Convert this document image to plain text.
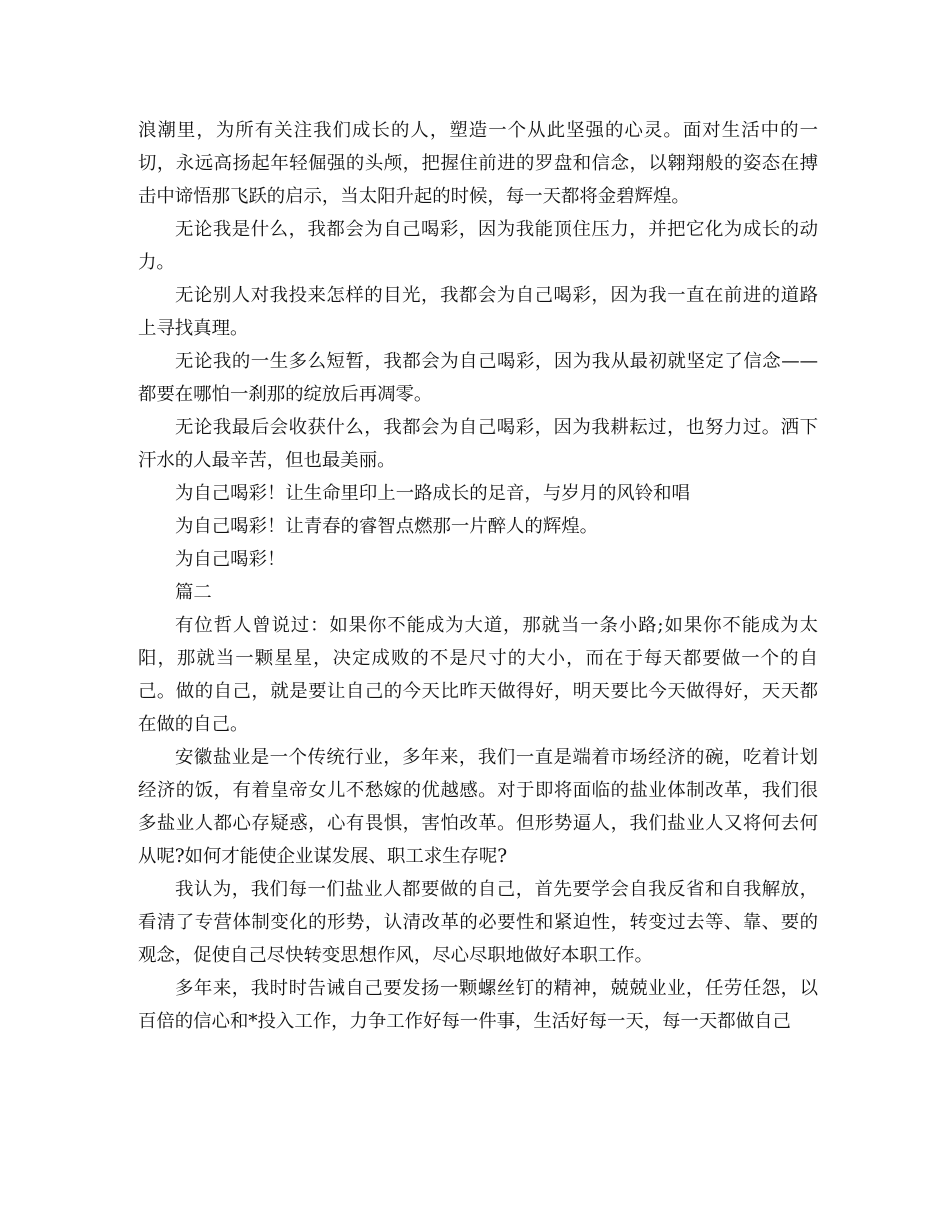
浪潮里，为所有关注我们成长的人，塑造一个从此坚强的心灵。面对生活中的一切，永远高扬起年轻倔强的头颅，把握住前进的罗盘和信念，以翱翔般的姿态在搏击中谛悟那飞跃的启示，当太阳升起的时候，每一天都将金碧辉煌。

无论我是什么，我都会为自己喝彩，因为我能顶住压力，并把它化为成长的动力。

无论别人对我投来怎样的目光，我都会为自己喝彩，因为我一直在前进的道路上寻找真理。

无论我的一生多么短暂，我都会为自己喝彩，因为我从最初就坚定了信念——都要在哪怕一刹那的绽放后再凋零。

无论我最后会收获什么，我都会为自己喝彩，因为我耕耘过，也努力过。洒下汗水的人最辛苦，但也最美丽。

为自己喝彩！让生命里印上一路成长的足音，与岁月的风铃和唱

为自己喝彩！让青春的睿智点燃那一片醉人的辉煌。

为自己喝彩！

篇二

有位哲人曾说过：如果你不能成为大道，那就当一条小路;如果你不能成为太阳，那就当一颗星星，决定成败的不是尺寸的大小，而在于每天都要做一个的自己。做的自己，就是要让自己的今天比昨天做得好，明天要比今天做得好，天天都在做的自己。

安徽盐业是一个传统行业，多年来，我们一直是端着市场经济的碗，吃着计划经济的饭，有着皇帝女儿不愁嫁的优越感。对于即将面临的盐业体制改革，我们很多盐业人都心存疑惑，心有畏惧，害怕改革。但形势逼人，我们盐业人又将何去何从呢?如何才能使企业谋发展、职工求生存呢?

我认为，我们每一们盐业人都要做的自己，首先要学会自我反省和自我解放，看清了专营体制变化的形势，认清改革的必要性和紧迫性，转变过去等、靠、要的观念，促使自己尽快转变思想作风，尽心尽职地做好本职工作。

多年来，我时时告诫自己要发扬一颗螺丝钉的精神，兢兢业业，任劳任怨，以百倍的信心和*投入工作，力争工作好每一件事，生活好每一天，每一天都做自己
